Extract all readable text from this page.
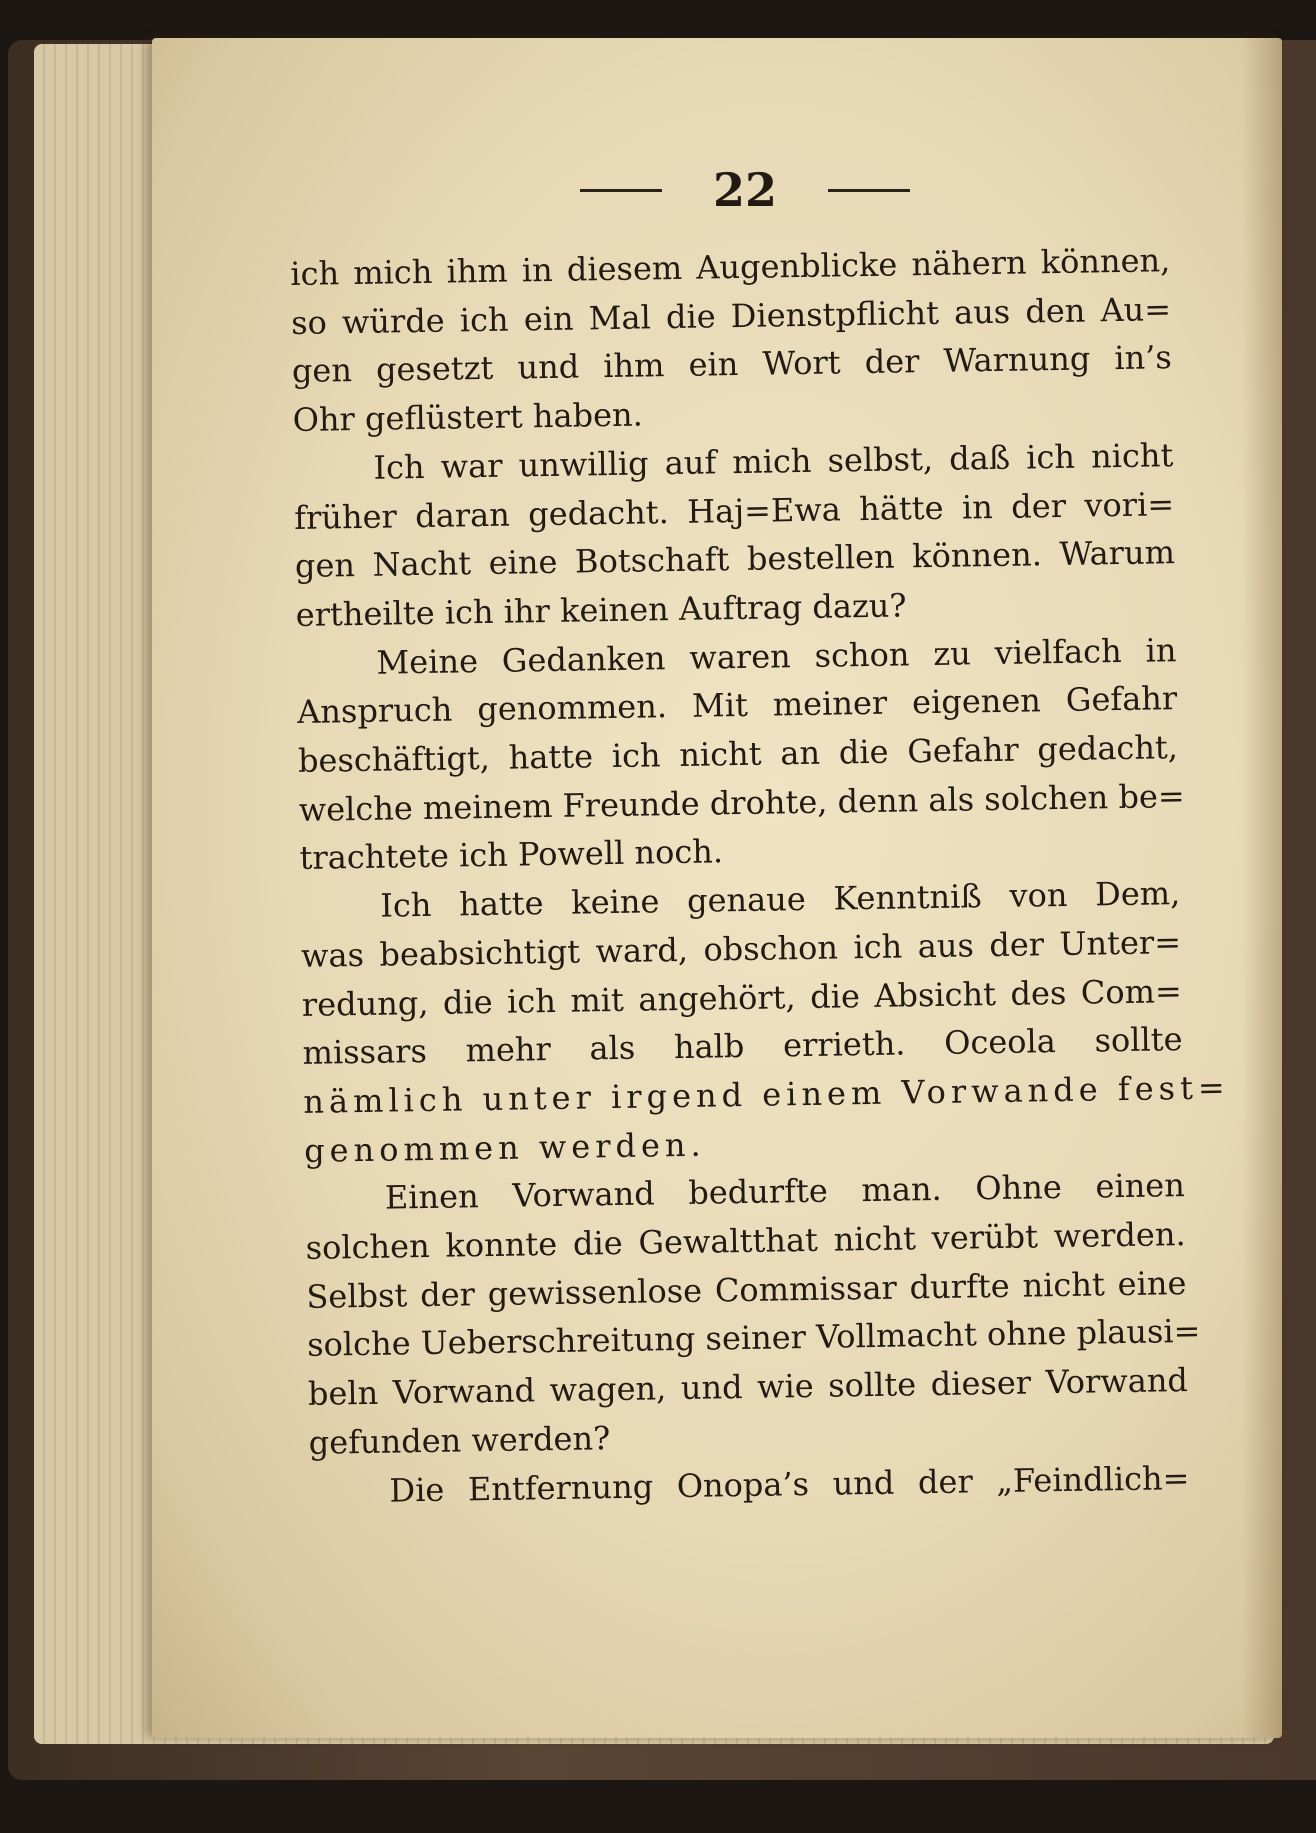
22
ich mich ihm in diesem Augenblicke nähern können,
so würde ich ein Mal die Dienstpflicht aus den Au=
gen gesetzt und ihm ein Wort der Warnung in’s
Ohr geflüstert haben.
Ich war unwillig auf mich selbst, daß ich nicht
früher daran gedacht. Haj=Ewa hätte in der vori=
gen Nacht eine Botschaft bestellen können. Warum
ertheilte ich ihr keinen Auftrag dazu?
Meine Gedanken waren schon zu vielfach in
Anspruch genommen. Mit meiner eigenen Gefahr
beschäftigt, hatte ich nicht an die Gefahr gedacht,
welche meinem Freunde drohte, denn als solchen be=
trachtete ich Powell noch.
Ich hatte keine genaue Kenntniß von Dem,
was beabsichtigt ward, obschon ich aus der Unter=
redung, die ich mit angehört, die Absicht des Com=
missars mehr als halb errieth. Oceola sollte
nämlich unter irgend einem Vorwande fest=
genommen werden.
Einen Vorwand bedurfte man. Ohne einen
solchen konnte die Gewaltthat nicht verübt werden.
Selbst der gewissenlose Commissar durfte nicht eine
solche Ueberschreitung seiner Vollmacht ohne plausi=
beln Vorwand wagen, und wie sollte dieser Vorwand
gefunden werden?
Die Entfernung Onopa’s und der „Feindlich=
